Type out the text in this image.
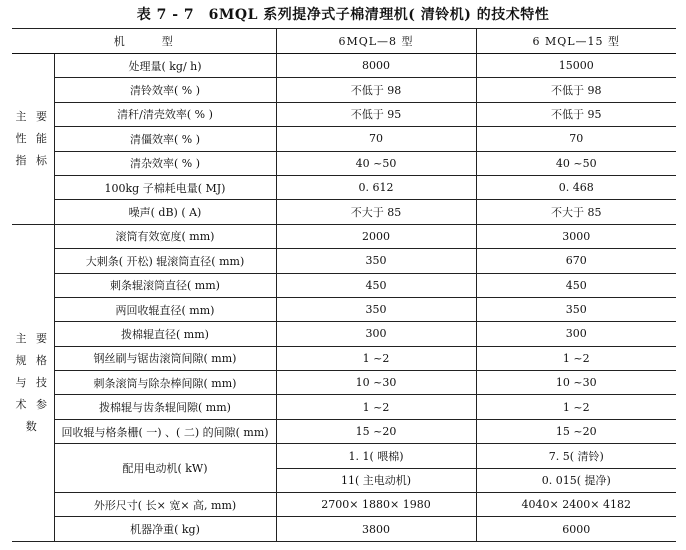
表 7 - 7　6MQL 系列提净式子棉清理机( 清铃机) 的技术特性
机　　　型		6MQL—8 型	6 MQL—15 型
主 要
性 能
指 标	处理量( kg/ h)	8000	15000
	清铃效率( % )	不低于 98	不低于 98
	清秆/清壳效率( % )	不低于 95	不低于 95
	清僵效率( % )	70	70
	清杂效率( % )	40 ~50	40 ~50
	100kg 子棉耗电量( MJ)	0. 612	0. 468
	噪声( dB) ( A)	不大于 85	不大于 85
主 要
规 格
与 技
术 参
数	滚筒有效宽度( mm)	2000	3000
	大刺条( 开松) 辊滚筒直径( mm)	350	670
	刺条辊滚筒直径( mm)	450	450
	两回收辊直径( mm)	350	350
	拨棉辊直径( mm)	300	300
	钢丝刷与锯齿滚筒间隙( mm)	1 ~2	1 ~2
	刺条滚筒与除杂棒间隙( mm)	10 ~30	10 ~30
	拨棉辊与齿条辊间隙( mm)	1 ~2	1 ~2
	回收辊与格条栅( 一) 、( 二) 的间隙( mm)	15 ~20	15 ~20
	配用电动机( kW)	1. 1( 喂棉)	7. 5( 清铃)
		11( 主电动机)	0. 015( 提净)
	外形尺寸( 长× 宽× 高, mm)	2700× 1880× 1980	4040× 2400× 4182
	机器净重( kg)	3800	6000
